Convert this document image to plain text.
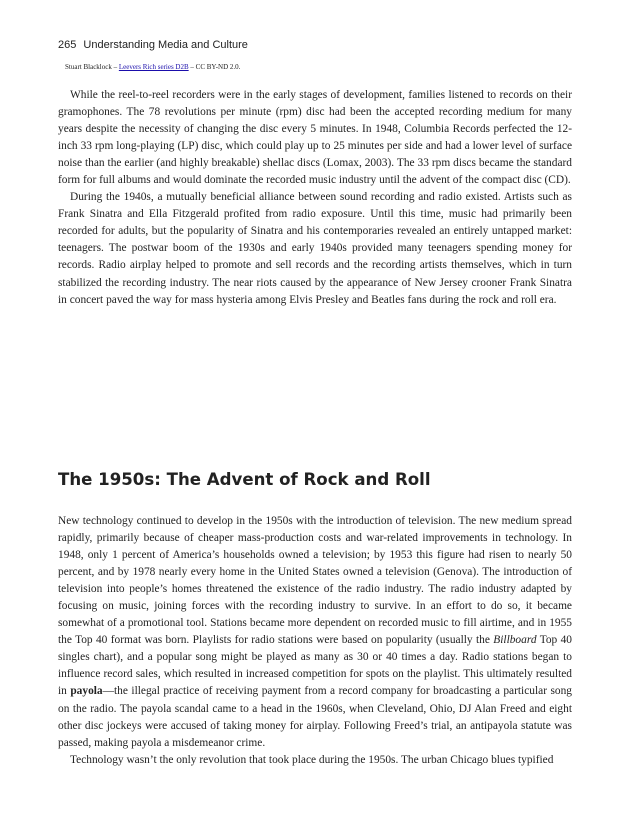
265 Understanding Media and Culture
Stuart Blacklock – Leevers Rich series D2B – CC BY-ND 2.0.

While the reel-to-reel recorders were in the early stages of development, families listened to records on their gramophones. The 78 revolutions per minute (rpm) disc had been the accepted recording medium for many years despite the necessity of changing the disc every 5 minutes. In 1948, Columbia Records perfected the 12-inch 33 rpm long-playing (LP) disc, which could play up to 25 minutes per side and had a lower level of surface noise than the earlier (and highly breakable) shellac discs (Lomax, 2003). The 33 rpm discs became the standard form for full albums and would dominate the recorded music industry until the advent of the compact disc (CD).

During the 1940s, a mutually beneficial alliance between sound recording and radio existed. Artists such as Frank Sinatra and Ella Fitzgerald profited from radio exposure. Until this time, music had primarily been recorded for adults, but the popularity of Sinatra and his contemporaries revealed an entirely untapped market: teenagers. The postwar boom of the 1930s and early 1940s provided many teenagers spending money for records. Radio airplay helped to promote and sell records and the recording artists themselves, which in turn stabilized the recording industry. The near riots caused by the appearance of New Jersey crooner Frank Sinatra in concert paved the way for mass hysteria among Elvis Presley and Beatles fans during the rock and roll era.

The 1950s: The Advent of Rock and Roll

New technology continued to develop in the 1950s with the introduction of television. The new medium spread rapidly, primarily because of cheaper mass-production costs and war-related improvements in technology. In 1948, only 1 percent of America’s households owned a television; by 1953 this figure had risen to nearly 50 percent, and by 1978 nearly every home in the United States owned a television (Genova). The introduction of television into people’s homes threatened the existence of the radio industry. The radio industry adapted by focusing on music, joining forces with the recording industry to survive. In an effort to do so, it became somewhat of a promotional tool. Stations became more dependent on recorded music to fill airtime, and in 1955 the Top 40 format was born. Playlists for radio stations were based on popularity (usually the Billboard Top 40 singles chart), and a popular song might be played as many as 30 or 40 times a day. Radio stations began to influence record sales, which resulted in increased competition for spots on the playlist. This ultimately resulted in payola—the illegal practice of receiving payment from a record company for broadcasting a particular song on the radio. The payola scandal came to a head in the 1960s, when Cleveland, Ohio, DJ Alan Freed and eight other disc jockeys were accused of taking money for airplay. Following Freed’s trial, an antipayola statute was passed, making payola a misdemeanor crime.

Technology wasn’t the only revolution that took place during the 1950s. The urban Chicago blues typified
